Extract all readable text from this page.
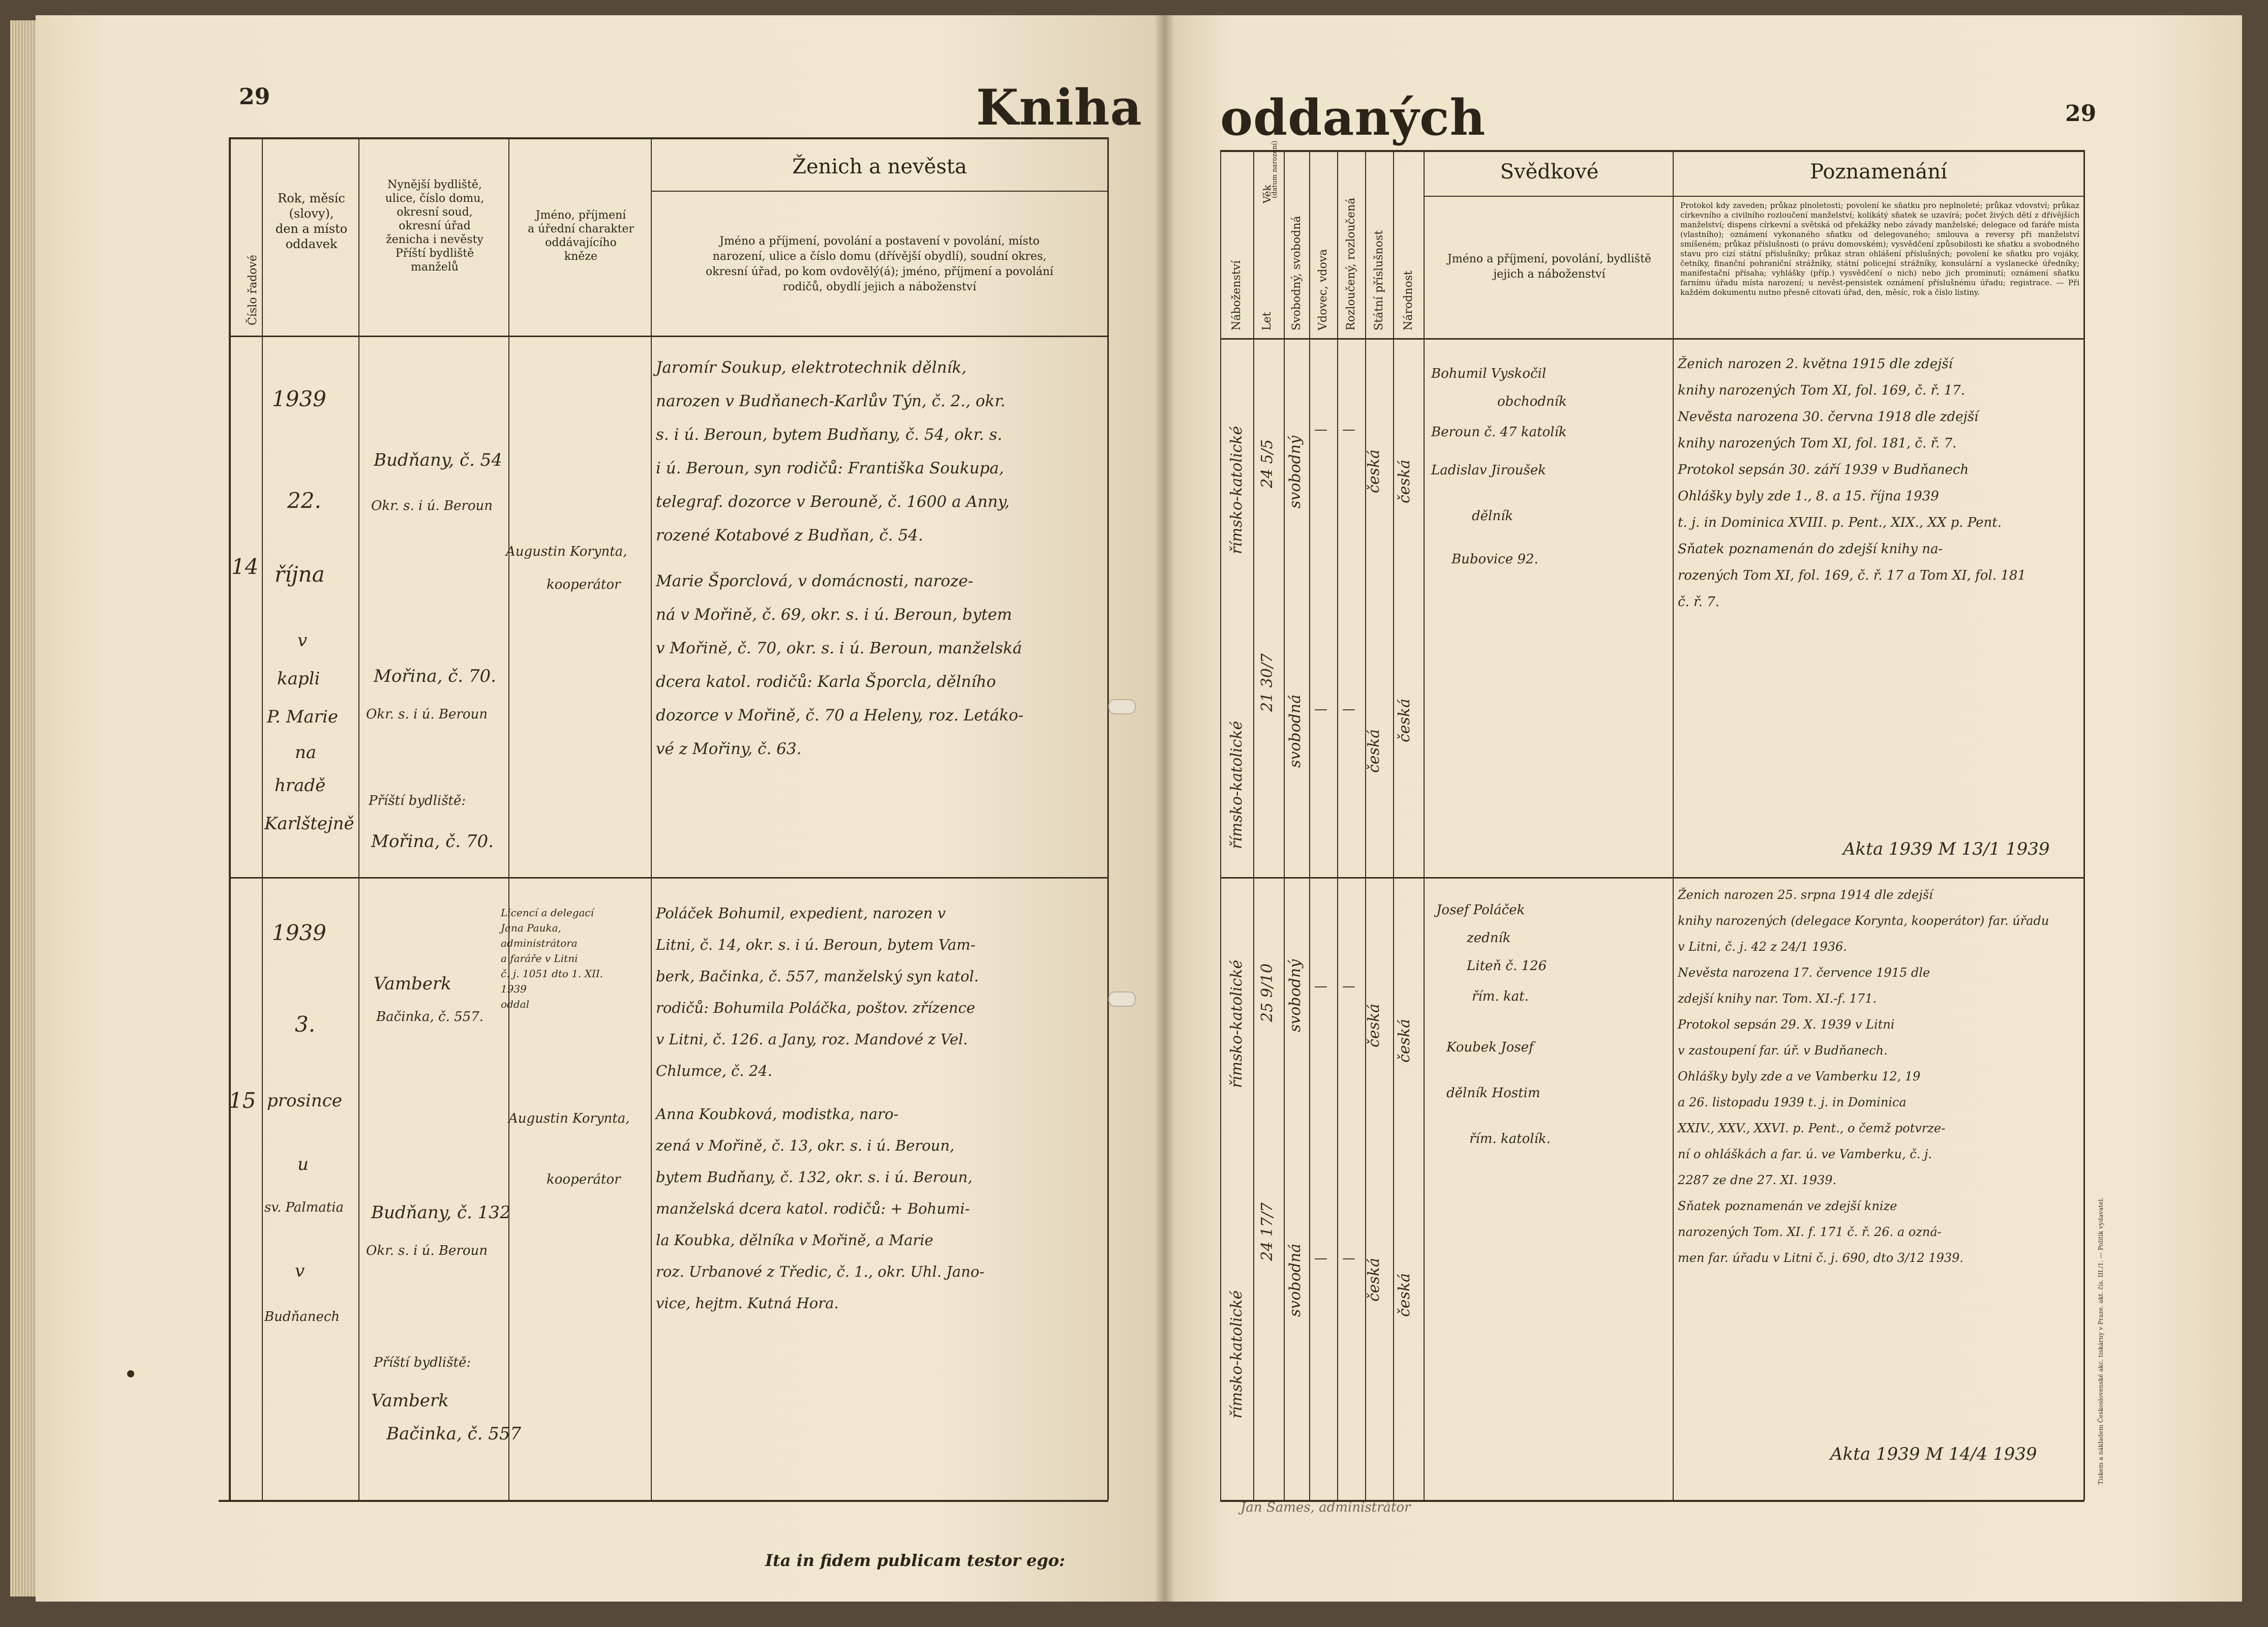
29
29
Kniha oddaných
Číslo řadové
Rok, měsíc
(slovy),
den a místo
oddavek
Nynější bydliště,
ulice, číslo domu,
okresní soud,
okresní úřad
ženicha i nevěsty
Příští bydliště
manželů
Jméno, příjmení
a úřední charakter
oddávajícího
kněze
Ženich a nevěsta
Jméno a příjmení, povolání a postavení v povolání, místo
narození, ulice a číslo domu (dřívější obydlí), soudní okres,
okresní úřad, po kom ovdovělý(á); jméno, příjmení a povolání
rodičů, obydlí jejich a náboženství	Náboženství Let
Věk
(datum narození)
Svobodný, svobodná Vdovec, vdova Rozloučený, rozloučená Státní příslušnost Národnost
Svědkové
Jméno a příjmení, povolání, bydliště
jejich a náboženství
Poznamenání
Protokol kdy zaveden; průkaz plnoletosti; povolení ke sňatku pro neplnoleté; průkaz vdovství; průkaz církevního a civilního rozloučení manželství; kolikátý sňatek se uzavírá; počet živých dětí z dřívějších manželství; dispens církevní a světská od překážky nebo závady manželské; delegace od faráře místa (vlastního); oznámení vykonaného sňatku od delegovaného; smlouva a reversy při manželství smíšeném; průkaz příslušnosti (o právu domovském); vysvědčení způsobilosti ke sňatku a svobodného stavu pro cizí státní příslušníky; průkaz stran ohlášení příslušných; povolení ke sňatku pro vojáky, četníky, finanční pohraniční strážníky, státní policejní strážníky, konsulární a vyslanecké úředníky; manifestační přísaha; vyhlášky (příp.) vysvědčení o nich) nebo jich prominutí; oznámení sňatku farnímu úřadu místa narození; u nevěst-pensistek oznámení příslušnému úřadu; registrace. — Při každém dokumentu nutno přesně citovati úřad, den, měsíc, rok a číslo listiny.
14
1939
22.
října
v
kapli
P. Marie
na
hradě
Karlštejně
Budňany, č. 54
Okr. s. i ú. Beroun
Mořina, č. 70.
Okr. s. i ú. Beroun
Příští bydliště:
Mořina, č. 70.
Augustin Korynta,
kooperátor
Jaromír Soukup, elektrotechnik dělník,
narozen v Budňanech-Karlův Týn, č. 2., okr.
s. i ú. Beroun, bytem Budňany, č. 54, okr. s.
i ú. Beroun, syn rodičů: Františka Soukupa,
telegraf. dozorce v Berouně, č. 1600 a Anny,
rozené Kotabové z Budňan, č. 54.
Marie Šporclová, v domácnosti, naroze-
ná v Mořině, č. 69, okr. s. i ú. Beroun, bytem
v Mořině, č. 70, okr. s. i ú. Beroun, manželská
dcera katol. rodičů: Karla Šporcla, dělního
dozorce v Mořině, č. 70 a Heleny, roz. Letáko-
vé z Mořiny, č. 63.
římsko-katolické
římsko-katolické
24 5/5
21 30/7
svobodný
svobodná
—
—
—
—
česká
česká
česká
česká
Bohumil Vyskočil
obchodník
Beroun č. 47 katolík
Ladislav Jiroušek
dělník
Bubovice 92.
Ženich narozen 2. května 1915 dle zdejší
knihy narozených Tom XI, fol. 169, č. ř. 17.
Nevěsta narozena 30. června 1918 dle zdejší
knihy narozených Tom XI, fol. 181, č. ř. 7.
Protokol sepsán 30. září 1939 v Budňanech
Ohlášky byly zde 1., 8. a 15. října 1939
t. j. in Dominica XVIII. p. Pent., XIX., XX p. Pent.
Sňatek poznamenán do zdejší knihy na-
rozených Tom XI, fol. 169, č. ř. 17 a Tom XI, fol. 181
č. ř. 7.
Akta 1939 M 13/1 1939
15
1939
3.
prosince
u
sv. Palmatia
v
Budňanech
Vamberk
Bačinka, č. 557.
Budňany, č. 132
Okr. s. i ú. Beroun
Příští bydliště:
Vamberk
Bačinka, č. 557
Licencí a delegací
Jana Pauka,
administrátora
a faráře v Litni
č. j. 1051 dto 1. XII. 1939
oddal
Augustin Korynta,
kooperátor
Poláček Bohumil, expedient, narozen v
Litni, č. 14, okr. s. i ú. Beroun, bytem Vam-
berk, Bačinka, č. 557, manželský syn katol.
rodičů: Bohumila Poláčka, poštov. zřízence
v Litni, č. 126. a Jany, roz. Mandové z Vel.
Chlumce, č. 24.
Anna Koubková, modistka, naro-
zená v Mořině, č. 13, okr. s. i ú. Beroun,
bytem Budňany, č. 132, okr. s. i ú. Beroun,
manželská dcera katol. rodičů: + Bohumi-
la Koubka, dělníka v Mořině, a Marie
roz. Urbanové z Tředic, č. 1., okr. Uhl. Jano-
vice, hejtm. Kutná Hora.
římsko-katolické
římsko-katolické
25 9/10
24 17/7
svobodný
svobodná
—
—
—
—
česká
česká
česká
česká
Josef Poláček
zedník
Liteň č. 126
řím. kat.
Koubek Josef
dělník Hostim
řím. katolík.
Ženich narozen 25. srpna 1914 dle zdejší
knihy narozených (delegace Korynta, kooperátor) far. úřadu
v Litni, č. j. 42 z 24/1 1936.
Nevěsta narozena 17. července 1915 dle
zdejší knihy nar. Tom. XI.-f. 171.
Protokol sepsán 29. X. 1939 v Litni
v zastoupení far. úř. v Budňanech.
Ohlášky byly zde a ve Vamberku 12, 19
a 26. listopadu 1939 t. j. in Dominica
XXIV., XXV., XXVI. p. Pent., o čemž potvrze-
ní o ohláškách a far. ú. ve Vamberku, č. j.
2287 ze dne 27. XI. 1939.
Sňatek poznamenán ve zdejší knize
narozených Tom. XI. f. 171 č. ř. 26. a ozná-
men far. úřadu v Litni č. j. 690, dto 3/12 1939.
Akta 1939 M 14/4 1939
Ita in fidem publicam testor ego:
Jan Sames, administrátor
Tiskem a nákladem Československé akc. tiskárny v Praze. akt. čís. III./1. — Politik vydavatel.
